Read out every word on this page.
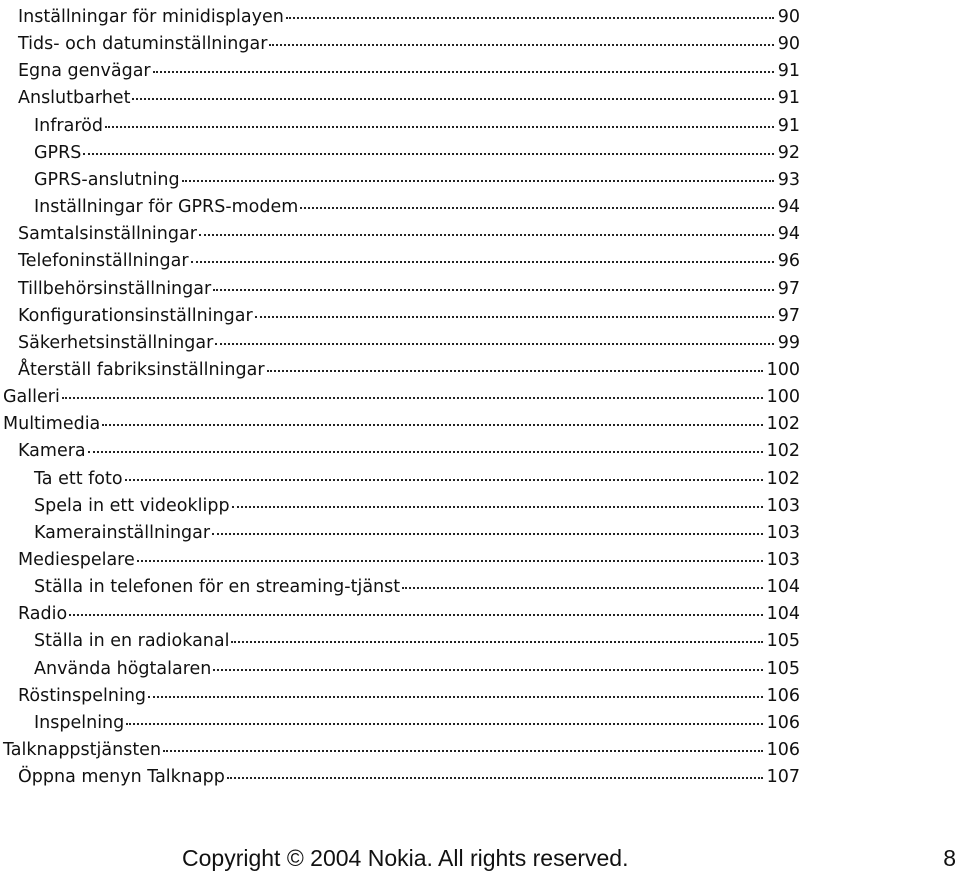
Inställningar för minidisplayen	90
Tids- och datuminställningar	90
Egna genvägar	91
Anslutbarhet	91
Infraröd	91
GPRS	92
GPRS-anslutning	93
Inställningar för GPRS-modem	94
Samtalsinställningar	94
Telefoninställningar	96
Tillbehörsinställningar	97
Konfigurationsinställningar	97
Säkerhetsinställningar	99
Återställ fabriksinställningar	100
Galleri	100
Multimedia	102
Kamera	102
Ta ett foto	102
Spela in ett videoklipp	103
Kamerainställningar	103
Mediespelare	103
Ställa in telefonen för en streaming-tjänst	104
Radio	104
Ställa in en radiokanal	105
Använda högtalaren	105
Röstinspelning	106
Inspelning	106
Talknappstjänsten	106
Öppna menyn Talknapp	107
Copyright © 2004 Nokia. All rights reserved.	8
